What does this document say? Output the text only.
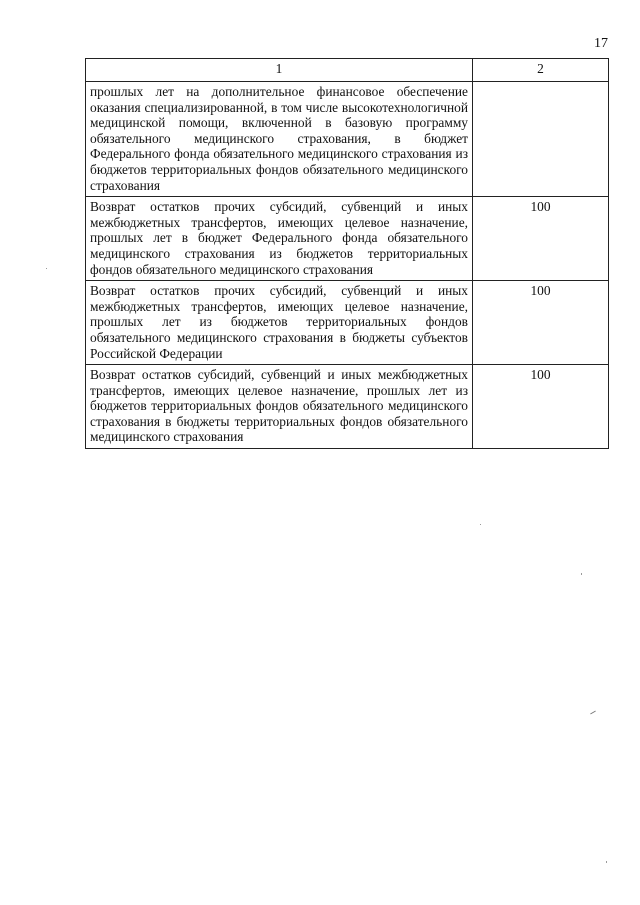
17
1	2
прошлых лет на дополнительное финансовое обеспечение оказания специализированной, в том числе высокотехнологичной медицинской помощи, включенной в базовую программу обязательного медицинского страхования, в бюджет Федерального фонда обязательного медицинского страхования из бюджетов территориальных фондов обязательного медицинского страхования	
Возврат остатков прочих субсидий, субвенций и иных межбюджетных трансфертов, имеющих целевое назначение, прошлых лет в бюджет Федерального фонда обязательного медицинского страхования из бюджетов территориальных фондов обязательного медицинского страхования	100
Возврат остатков прочих субсидий, субвенций и иных межбюджетных трансфертов, имеющих целевое назначение, прошлых лет из бюджетов территориальных фондов обязательного медицинского страхования в бюджеты субъектов Российской Федерации	100
Возврат остатков субсидий, субвенций и иных межбюджетных трансфертов, имеющих целевое назначение, прошлых лет из бюджетов территориальных фондов обязательного медицинского страхования в бюджеты территориальных фондов обязательного медицинского страхования	100
